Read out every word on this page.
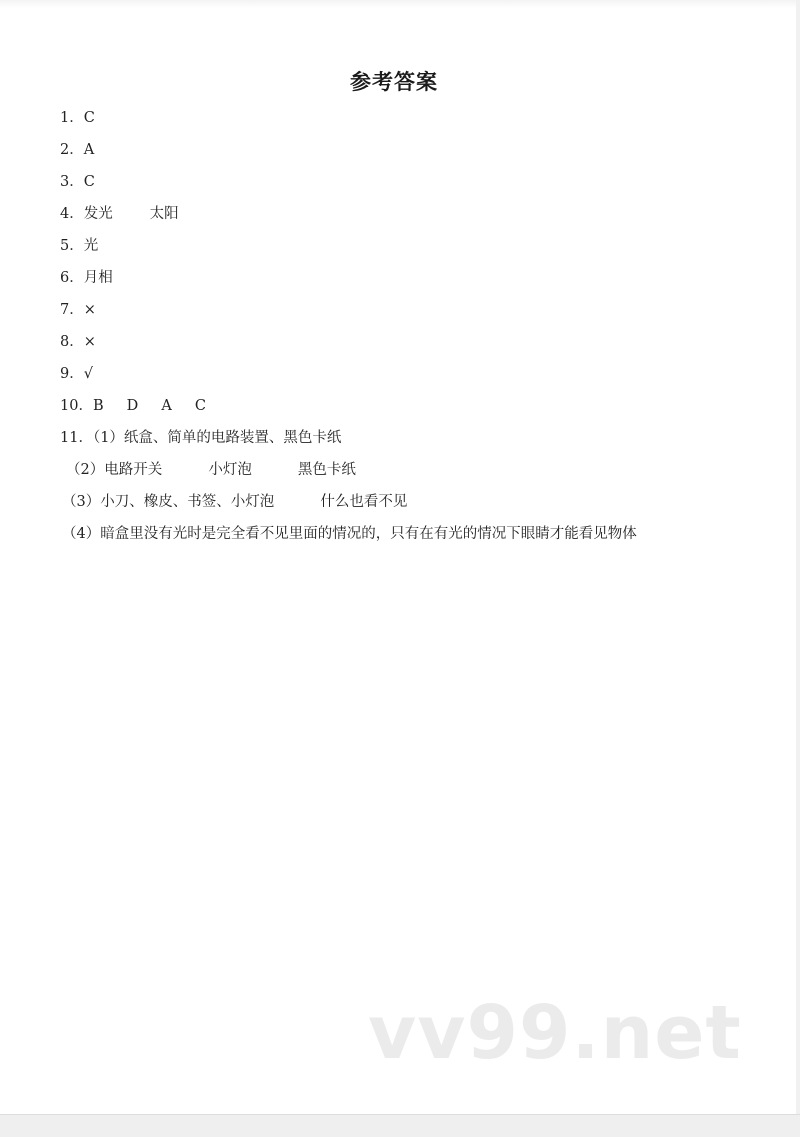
参考答案
1．C
2．A
3．C
4．发光        太阳
5．光
6．月相
7．×
8．×
9．√
10．B     D     A     C
11．（1）纸盒、简单的电路装置、黑色卡纸
（2）电路开关          小灯泡          黑色卡纸
（3）小刀、橡皮、书签、小灯泡          什么也看不见
（4）暗盒里没有光时是完全看不见里面的情况的，只有在有光的情况下眼睛才能看见物体
vv99.net
